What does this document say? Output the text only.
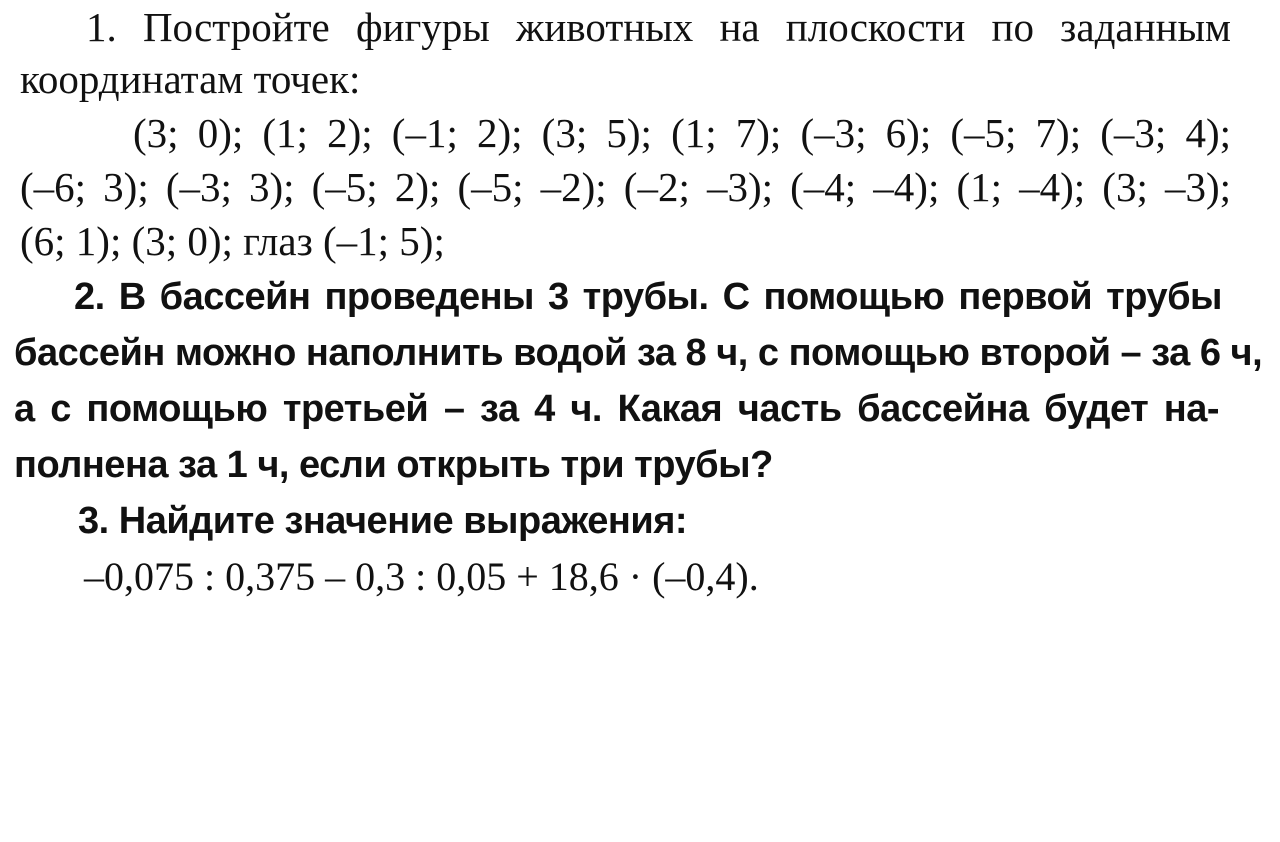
1. Постройте фигуры животных на плоскости по заданным
координатам точек:
(3; 0); (1; 2); (–1; 2); (3; 5); (1; 7); (–3; 6); (–5; 7); (–3; 4);
(–6; 3); (–3; 3); (–5; 2); (–5; –2); (–2; –3); (–4; –4); (1; –4); (3; –3);
(6; 1); (3; 0); глаз (–1; 5);
2. В бассейн проведены 3 трубы. С помощью первой трубы
бассейн можно наполнить водой за 8 ч, с помощью второй – за 6 ч,
а с помощью третьей – за 4 ч. Какая часть бассейна будет на-
полнена за 1 ч, если открыть три трубы?
3. Найдите значение выражения:
–0,075 : 0,375 – 0,3 : 0,05 + 18,6 · (–0,4).
